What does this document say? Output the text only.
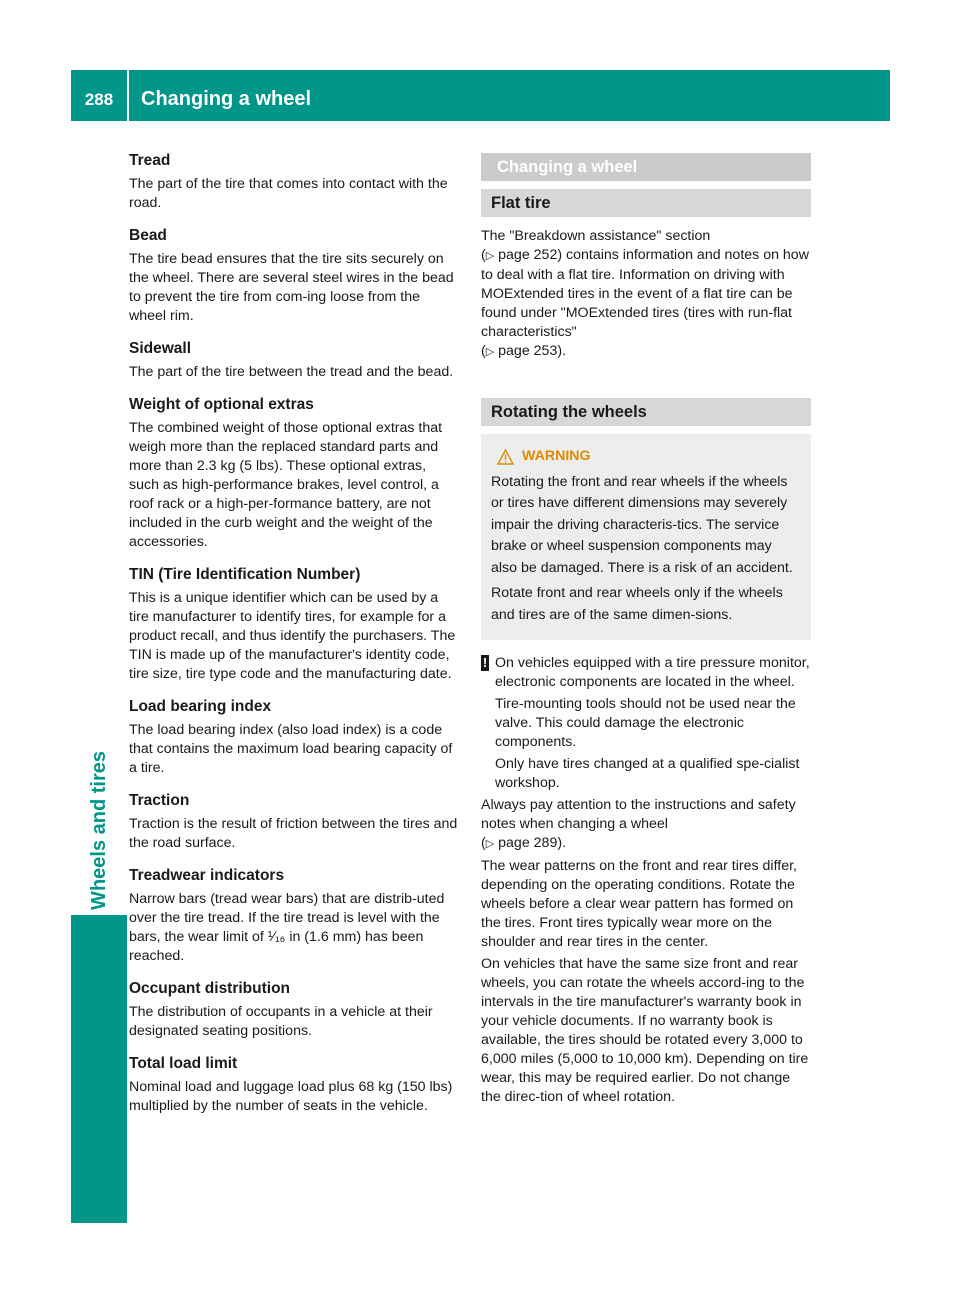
288	Changing a wheel
Wheels and tires
Tread

The part of the tire that comes into contact with the road.

Bead

The tire bead ensures that the tire sits securely on the wheel. There are several steel wires in the bead to prevent the tire from com-ing loose from the wheel rim.

Sidewall

The part of the tire between the tread and the bead.

Weight of optional extras

The combined weight of those optional extras that weigh more than the replaced standard parts and more than 2.3 kg (5 lbs). These optional extras, such as high-performance brakes, level control, a roof rack or a high-per-formance battery, are not included in the curb weight and the weight of the accessories.

TIN (Tire Identification Number)

This is a unique identifier which can be used by a tire manufacturer to identify tires, for example for a product recall, and thus identify the purchasers. The TIN is made up of the manufacturer's identity code, tire size, tire type code and the manufacturing date.

Load bearing index

The load bearing index (also load index) is a code that contains the maximum load bearing capacity of a tire.

Traction

Traction is the result of friction between the tires and the road surface.

Treadwear indicators

Narrow bars (tread wear bars) that are distrib-uted over the tire tread. If the tire tread is level with the bars, the wear limit of ¹⁄₁₆ in (1.6 mm) has been reached.

Occupant distribution

The distribution of occupants in a vehicle at their designated seating positions.

Total load limit

Nominal load and luggage load plus 68 kg (150 lbs) multiplied by the number of seats in the vehicle.

Changing a wheel
Flat tire

The "Breakdown assistance" section
(▷ page 252) contains information and notes on how to deal with a flat tire. Information on driving with MOExtended tires in the event of a flat tire can be found under "MOExtended tires (tires with run-flat characteristics"
(▷ page 253).

Rotating the wheels
WARNING

Rotating the front and rear wheels if the wheels or tires have different dimensions may severely impair the driving characteris-tics. The service brake or wheel suspension components may also be damaged. There is a risk of an accident.

Rotate front and rear wheels only if the wheels and tires are of the same dimen-sions.

! On vehicles equipped with a tire pressure monitor, electronic components are located in the wheel.

Tire-mounting tools should not be used near the valve. This could damage the electronic components.

Only have tires changed at a qualified spe-cialist workshop.

Always pay attention to the instructions and safety notes when changing a wheel
(▷ page 289).

The wear patterns on the front and rear tires differ, depending on the operating conditions. Rotate the wheels before a clear wear pattern has formed on the tires. Front tires typically wear more on the shoulder and rear tires in the center.

On vehicles that have the same size front and rear wheels, you can rotate the wheels accord-ing to the intervals in the tire manufacturer's warranty book in your vehicle documents. If no warranty book is available, the tires should be rotated every 3,000 to 6,000 miles (5,000 to 10,000 km). Depending on tire wear, this may be required earlier. Do not change the direc-tion of wheel rotation.
